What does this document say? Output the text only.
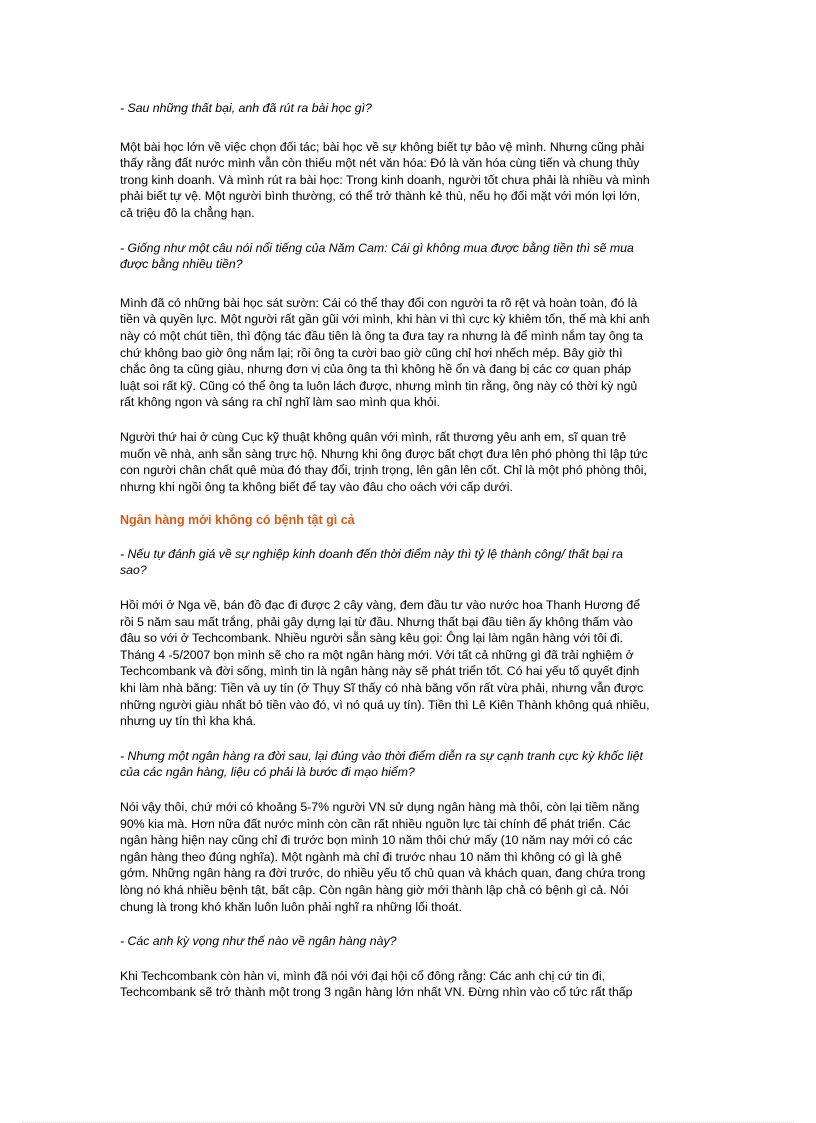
- Sau những thất bại, anh đã rút ra bài học gì?

Một bài học lớn về việc chọn đối tác; bài học về sự không biết tự bảo vệ mình. Nhưng cũng phải
thấy rằng đất nước mình vẫn còn thiếu một nét văn hóa: Đó là văn hóa cùng tiến và chung thủy
trong kinh doanh. Và mình rút ra bài học: Trong kinh doanh, người tốt chưa phải là nhiều và mình
phải biết tự vệ. Một người bình thường, có thể trở thành kẻ thù, nếu họ đối mặt với món lợi lớn,
cả triệu đô la chẳng hạn.

- Giống như một câu nói nổi tiếng của Năm Cam: Cái gì không mua được bằng tiền thì sẽ mua
được bằng nhiều tiền?

Mình đã có những bài học sát sườn: Cái có thể thay đổi con người ta rõ rệt và hoàn toàn, đó là
tiền và quyền lực. Một người rất gần gũi với mình, khi hàn vi thì cực kỳ khiêm tốn, thế mà khi anh
này có một chút tiền, thì động tác đầu tiên là ông ta đưa tay ra nhưng là để mình nắm tay ông ta
chứ không bao giờ ông nắm lại; rồi ông ta cười bao giờ cũng chỉ hơi nhếch mép. Bây giờ thì
chắc ông ta cũng giàu, nhưng đơn vị của ông ta thì không hề ổn và đang bị các cơ quan pháp
luật soi rất kỹ. Cũng có thể ông ta luôn lách được, nhưng mình tin rằng, ông này có thời kỳ ngủ
rất không ngon và sáng ra chỉ nghĩ làm sao mình qua khỏi.

Người thứ hai ở cùng Cục kỹ thuật không quân với mình, rất thương yêu anh em, sĩ quan trẻ
muốn về nhà, anh sẵn sàng trực hộ. Nhưng khi ông được bất chợt đưa lên phó phòng thì lập tức
con người chân chất quê mùa đó thay đổi, trịnh trọng, lên gân lên cốt. Chỉ là một phó phòng thôi,
nhưng khi ngồi ông ta không biết để tay vào đâu cho oách với cấp dưới.

Ngân hàng mới không có bệnh tật gì cả

- Nếu tự đánh giá về sự nghiệp kinh doanh đến thời điểm này thì tỷ lệ thành công/ thất bại ra
sao?

Hồi mới ở Nga về, bán đồ đạc đi được 2 cây vàng, đem đầu tư vào nước hoa Thanh Hương để
rồi 5 năm sau mất trắng, phải gây dựng lại từ đầu. Nhưng thất bại đầu tiên ấy không thấm vào
đâu so với ở Techcombank. Nhiều người sẵn sàng kêu gọi: Ông lại làm ngân hàng với tôi đi.
Tháng 4 -5/2007 bọn mình sẽ cho ra một ngân hàng mới. Với tất cả những gì đã trải nghiệm ở
Techcombank và đời sống, mình tin là ngân hàng này sẽ phát triển tốt. Có hai yếu tố quyết định
khi làm nhà băng: Tiền và uy tín (ở Thụy Sĩ thấy có nhà băng vốn rất vừa phải, nhưng vẫn được
những người giàu nhất bỏ tiền vào đó, vì nó quá uy tín). Tiền thì Lê Kiên Thành không quá nhiều,
nhưng uy tín thì kha khá.

- Nhưng một ngân hàng ra đời sau, lại đúng vào thời điểm diễn ra sự cạnh tranh cực kỳ khốc liệt
của các ngân hàng, liệu có phải là bước đi mạo hiểm?

Nói vậy thôi, chứ mới có khoảng 5-7% người VN sử dụng ngân hàng mà thôi, còn lại tiềm năng
90% kia mà. Hơn nữa đất nước mình còn cần rất nhiều nguồn lực tài chính để phát triển. Các
ngân hàng hiện nay cũng chỉ đi trước bọn mình 10 năm thôi chứ mấy (10 năm nay mới có các
ngân hàng theo đúng nghĩa). Một ngành mà chỉ đi trước nhau 10 năm thì không có gì là ghê
gớm. Những ngân hàng ra đời trước, do nhiều yếu tố chủ quan và khách quan, đang chứa trong
lòng nó khá nhiều bệnh tật, bất cập. Còn ngân hàng giờ mới thành lập chả có bệnh gì cả. Nói
chung là trong khó khăn luôn luôn phải nghĩ ra những lối thoát.

- Các anh kỳ vọng như thế nào về ngân hàng này?

Khi Techcombank còn hàn vi, mình đã nói với đại hội cổ đông rằng: Các anh chị cứ tin đi,
Techcombank sẽ trở thành một trong 3 ngân hàng lớn nhất VN. Đừng nhìn vào cổ tức rất thấp
